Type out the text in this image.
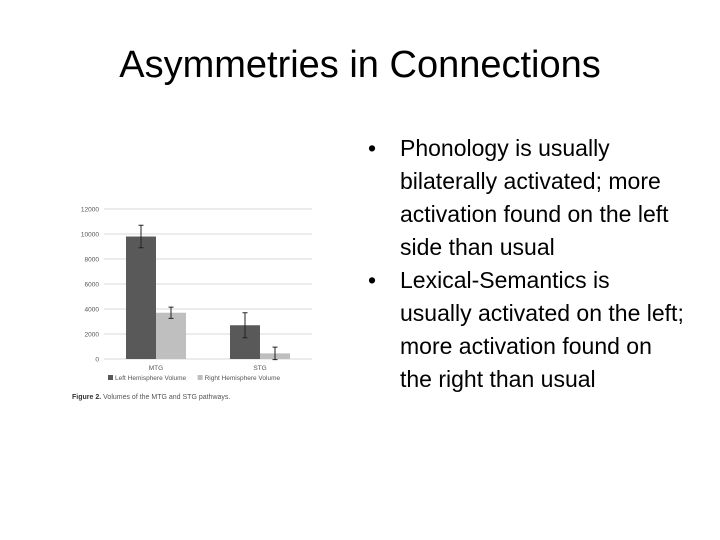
Asymmetries in Connections
• Phonology is usually bilaterally activated; more activation found on the left side than usual
• Lexical-Semantics is usually activated on the left; more activation found on the right than usual
0
2000
4000
6000
8000
10000
12000
MTG	STG
Left Hemisphere Volume	Right Hemisphere Volume
Figure 2. Volumes of the MTG and STG pathways.
